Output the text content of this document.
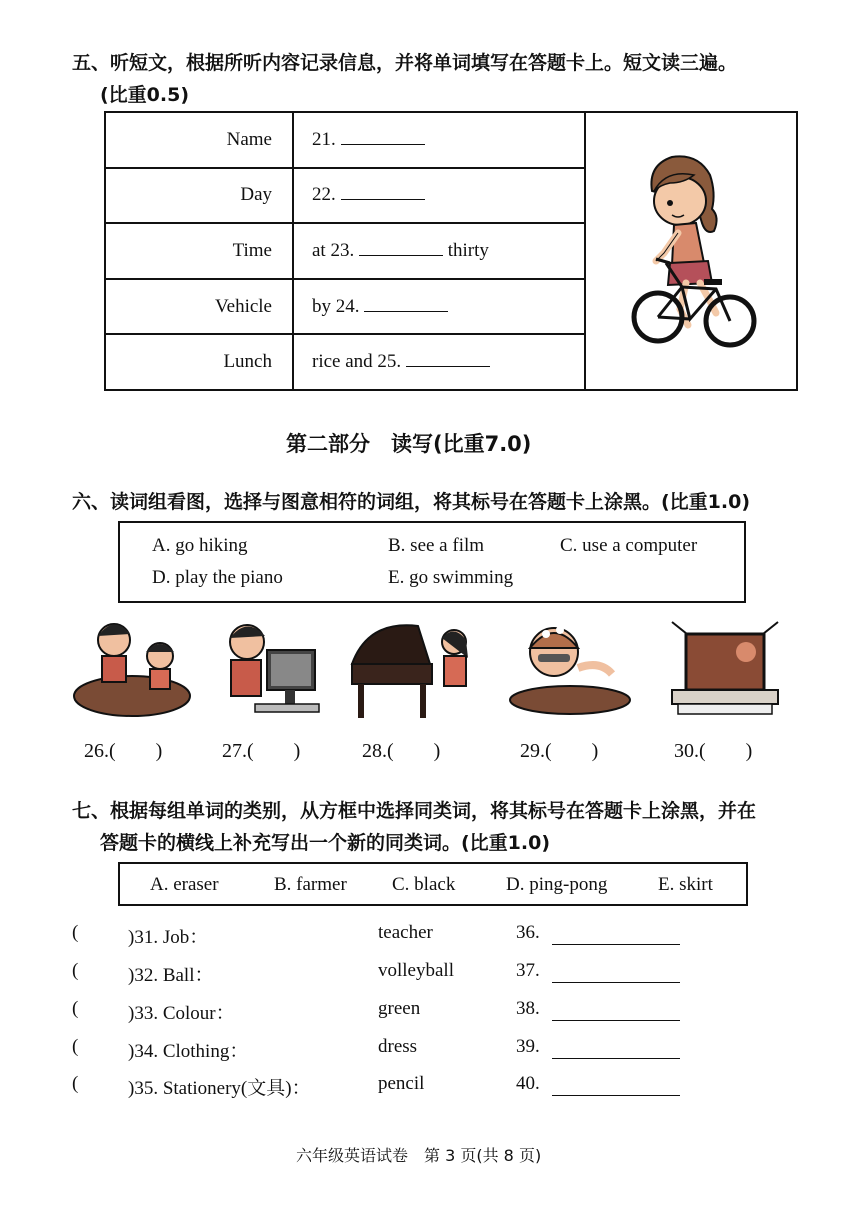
五、听短文，根据所听内容记录信息，并将单词填写在答题卡上。短文读三遍。
(比重0.5)
Name	21.	
Day	22.	
Time	at 23. thirty	
Vehicle	by 24.	
Lunch	rice and 25.	
第二部分　读写(比重7.0)
六、读词组看图，选择与图意相符的词组，将其标号在答题卡上涂黑。(比重1.0)
A. go hiking	B. see a film	C. use a computer
D. play the piano	E. go swimming
26.(　　)	27.(　　)	28.(　　)	29.(　　)	30.(　　)
七、根据每组单词的类别，从方框中选择同类词，将其标号在答题卡上涂黑，并在
答题卡的横线上补充写出一个新的同类词。(比重1.0)
A. eraser	B. farmer C. black	D. ping-pong	E. skirt
(	)31. Job：	teacher	36.
(	)32. Ball：	volleyball	37.
(	)33. Colour：	green	38.
(	)34. Clothing：	dress	39.
(	)35. Stationery(文具)：	pencil	40.
六年级英语试卷　第 3 页(共 8 页)
